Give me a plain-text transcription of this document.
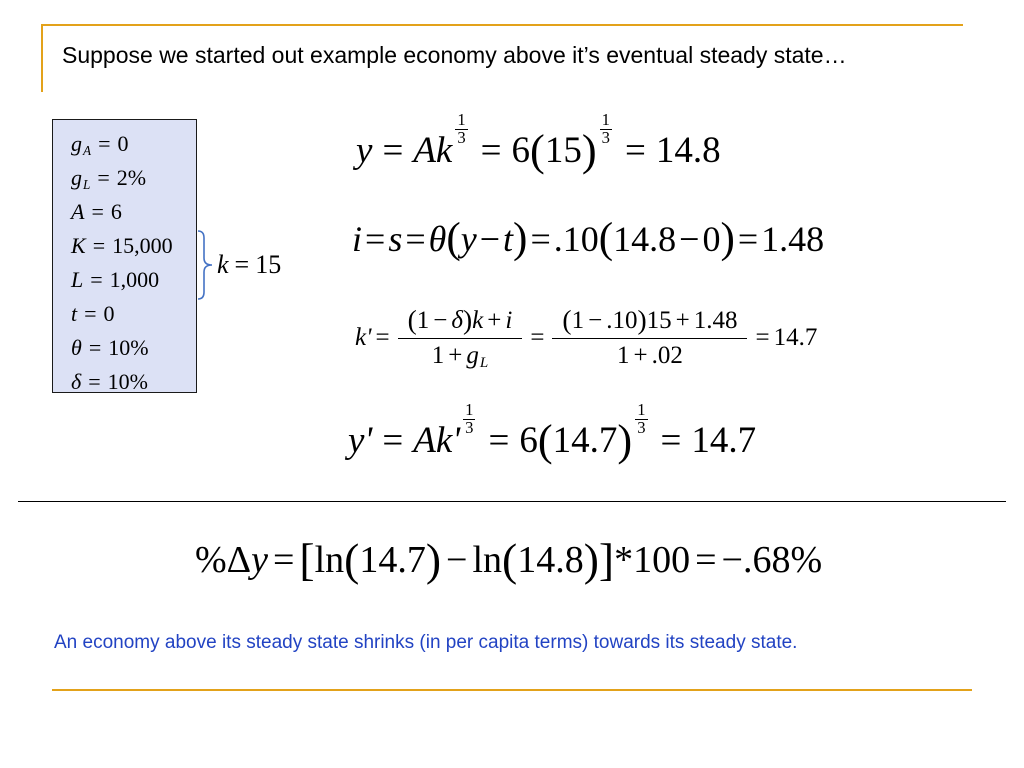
Suppose we started out example economy above it’s eventual steady state…
g A = 0
g L = 2%
A = 6
K = 15,000
L = 1,000
t = 0
θ = 10%
δ = 10%
k = 15
y = Ak
$\frac{1}{3}$
= 6 ( 15 ) $\frac{1}{3}$
= 14.8
i = s = θ ( y − t ) = .10 ( 14.8 − 0 ) = 1.48
$k' = \frac{( 1 - \delta ) k + i}{\text{1 + g L}} = \frac{( 1 - .10 ) 15 + 1.48}{1 + .02} = 14.7$
y' = Ak'
$\frac{1}{3}$
= 6 ( 14.7 ) $\frac{1}{3}$
= 14.7
% Δ y = [ ln ( 14.7 ) − ln ( 14.8 ) ] *100 = −.68%
An economy above its steady state shrinks (in per capita terms) towards its steady state.
